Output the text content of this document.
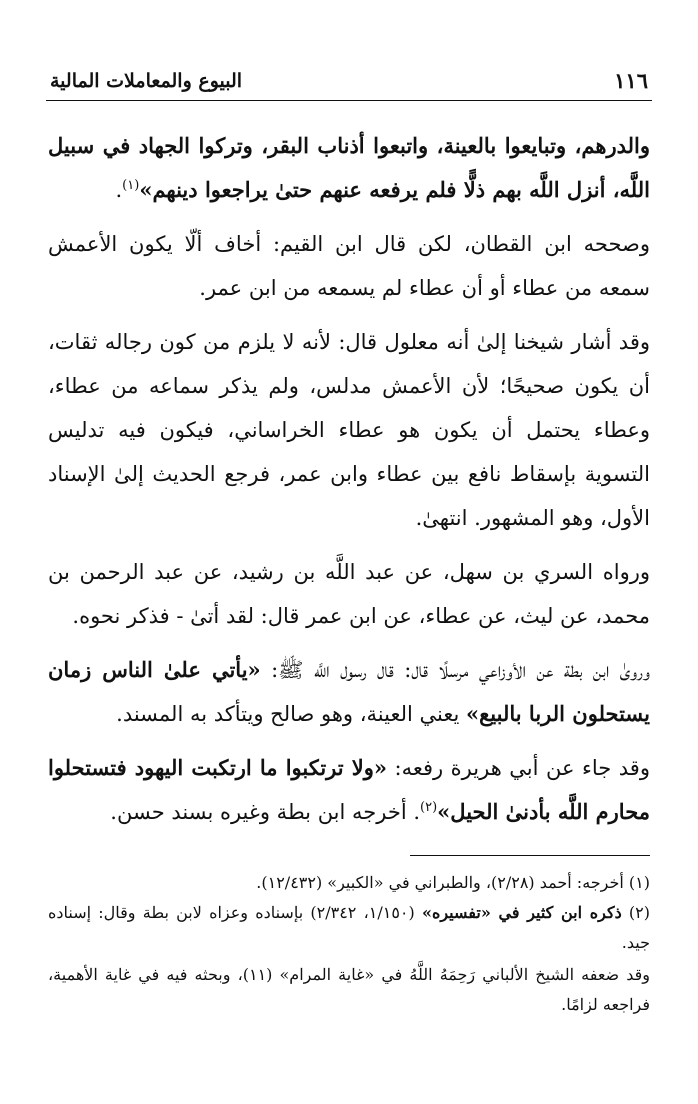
١١٦
البيوع والمعاملات المالية

والدرهم، وتبايعوا بالعينة، واتبعوا أذناب البقر، وتركوا الجهاد في سبيل اللَّه، أنزل اللَّه بهم ذلًّا فلم يرفعه عنهم حتىٰ يراجعوا دينهم»$^{(١)}$.

وصححه ابن القطان، لكن قال ابن القيم: أخاف ألّا يكون الأعمش سمعه من عطاء أو أن عطاء لم يسمعه من ابن عمر.

وقد أشار شيخنا إلىٰ أنه معلول قال: لأنه لا يلزم من كون رجاله ثقات، أن يكون صحيحًا؛ لأن الأعمش مدلس، ولم يذكر سماعه من عطاء، وعطاء يحتمل أن يكون هو عطاء الخراساني، فيكون فيه تدليس التسوية بإسقاط نافع بين عطاء وابن عمر، فرجع الحديث إلىٰ الإسناد الأول، وهو المشهور. انتهىٰ.

ورواه السري بن سهل، عن عبد اللَّه بن رشيد، عن عبد الرحمن بن محمد، عن ليث، عن عطاء، عن ابن عمر قال: لقد أتىٰ - فذكر نحوه.

ورویٰ ابن بطة عن الأوزاعي مرسلًا قال: قال رسول اللَّه ﷺ: «يأتي علىٰ الناس زمان يستحلون الربا بالبيع» يعني العينة، وهو صالح ويتأكد به المسند.

وقد جاء عن أبي هريرة رفعه: «ولا ترتكبوا ما ارتكبت اليهود فتستحلوا محارم اللَّه بأدنىٰ الحيل»$^{(٢)}$. أخرجه ابن بطة وغيره بسند حسن.

(١) أخرجه: أحمد (٢/٢٨)، والطبراني في «الكبير» (١٢/٤٣٢).

(٢) ذكره ابن كثير في «تفسيره» (١/١٥٠، ٢/٣٤٢) بإسناده وعزاه لابن بطة وقال: إسناده جيد.

وقد ضعفه الشيخ الألباني رَحِمَهُ اللَّهُ في «غاية المرام» (١١)، وبحثه فيه في غاية الأهمية، فراجعه لزامًا.
